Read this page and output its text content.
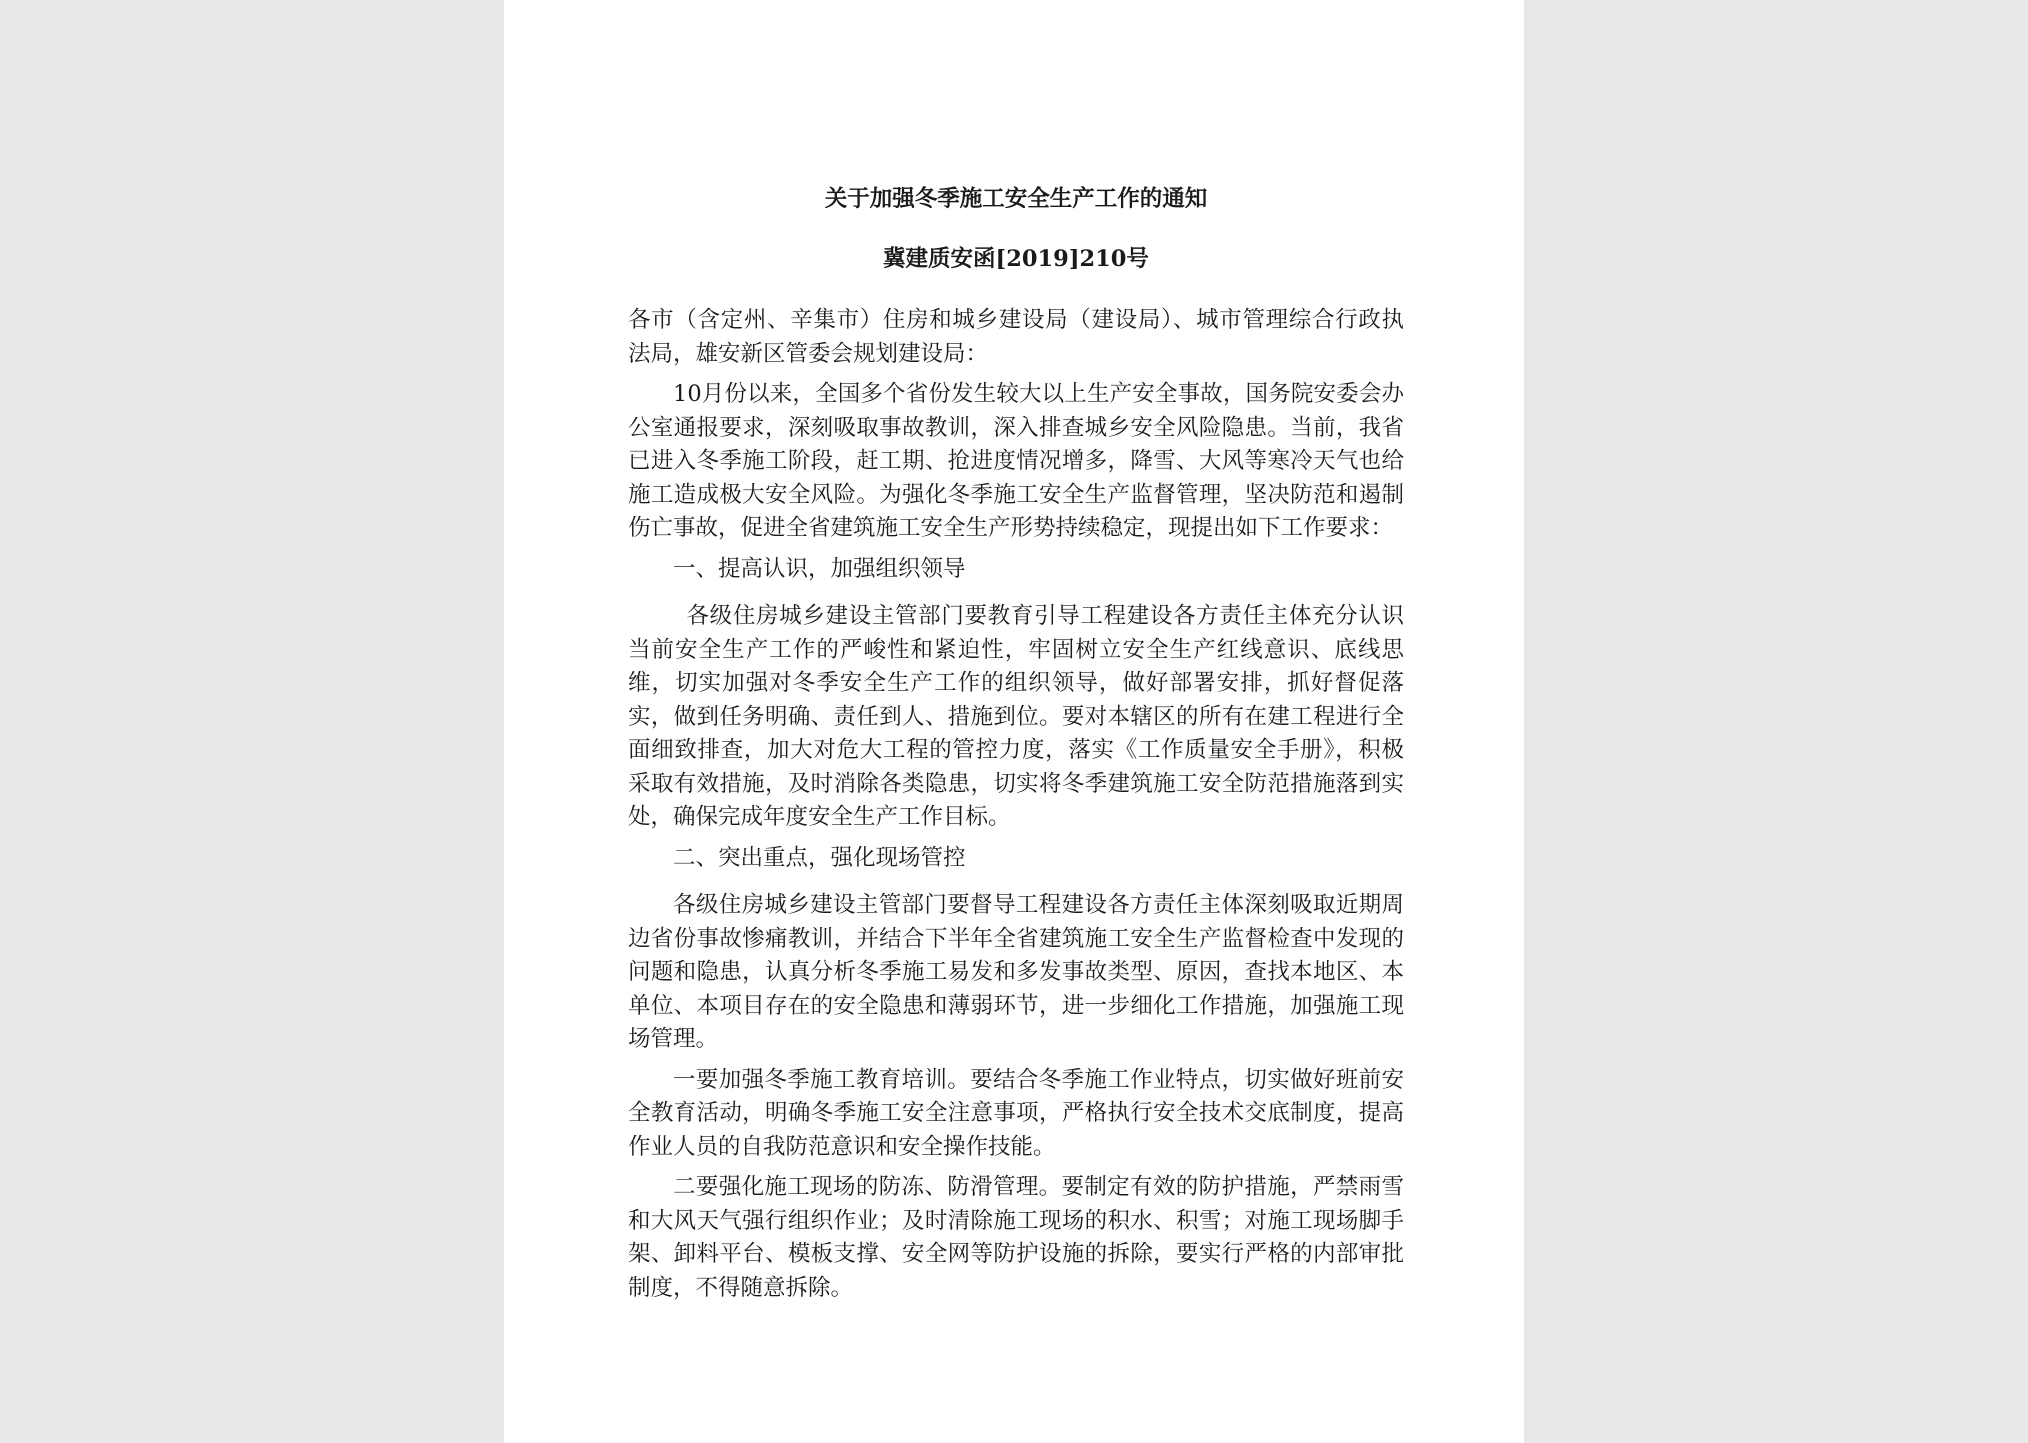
关于加强冬季施工安全生产工作的通知
冀建质安函[2019]210号
各市（含定州、辛集市）住房和城乡建设局（建设局）、城市管理综合行政执法局，雄安新区管委会规划建设局：
10月份以来，全国多个省份发生较大以上生产安全事故，国务院安委会办公室通报要求，深刻吸取事故教训，深入排查城乡安全风险隐患。当前，我省已进入冬季施工阶段，赶工期、抢进度情况增多，降雪、大风等寒冷天气也给施工造成极大安全风险。为强化冬季施工安全生产监督管理，坚决防范和遏制伤亡事故，促进全省建筑施工安全生产形势持续稳定，现提出如下工作要求：
一、提高认识，加强组织领导
各级住房城乡建设主管部门要教育引导工程建设各方责任主体充分认识当前安全生产工作的严峻性和紧迫性，牢固树立安全生产红线意识、底线思维，切实加强对冬季安全生产工作的组织领导，做好部署安排，抓好督促落实，做到任务明确、责任到人、措施到位。要对本辖区的所有在建工程进行全面细致排查，加大对危大工程的管控力度，落实《工作质量安全手册》，积极采取有效措施，及时消除各类隐患，切实将冬季建筑施工安全防范措施落到实处，确保完成年度安全生产工作目标。
二、突出重点，强化现场管控
各级住房城乡建设主管部门要督导工程建设各方责任主体深刻吸取近期周边省份事故惨痛教训，并结合下半年全省建筑施工安全生产监督检查中发现的问题和隐患，认真分析冬季施工易发和多发事故类型、原因，查找本地区、本单位、本项目存在的安全隐患和薄弱环节，进一步细化工作措施，加强施工现场管理。
一要加强冬季施工教育培训。要结合冬季施工作业特点，切实做好班前安全教育活动，明确冬季施工安全注意事项，严格执行安全技术交底制度，提高作业人员的自我防范意识和安全操作技能。
二要强化施工现场的防冻、防滑管理。要制定有效的防护措施，严禁雨雪和大风天气强行组织作业；及时清除施工现场的积水、积雪；对施工现场脚手架、卸料平台、模板支撑、安全网等防护设施的拆除，要实行严格的内部审批制度，不得随意拆除。
